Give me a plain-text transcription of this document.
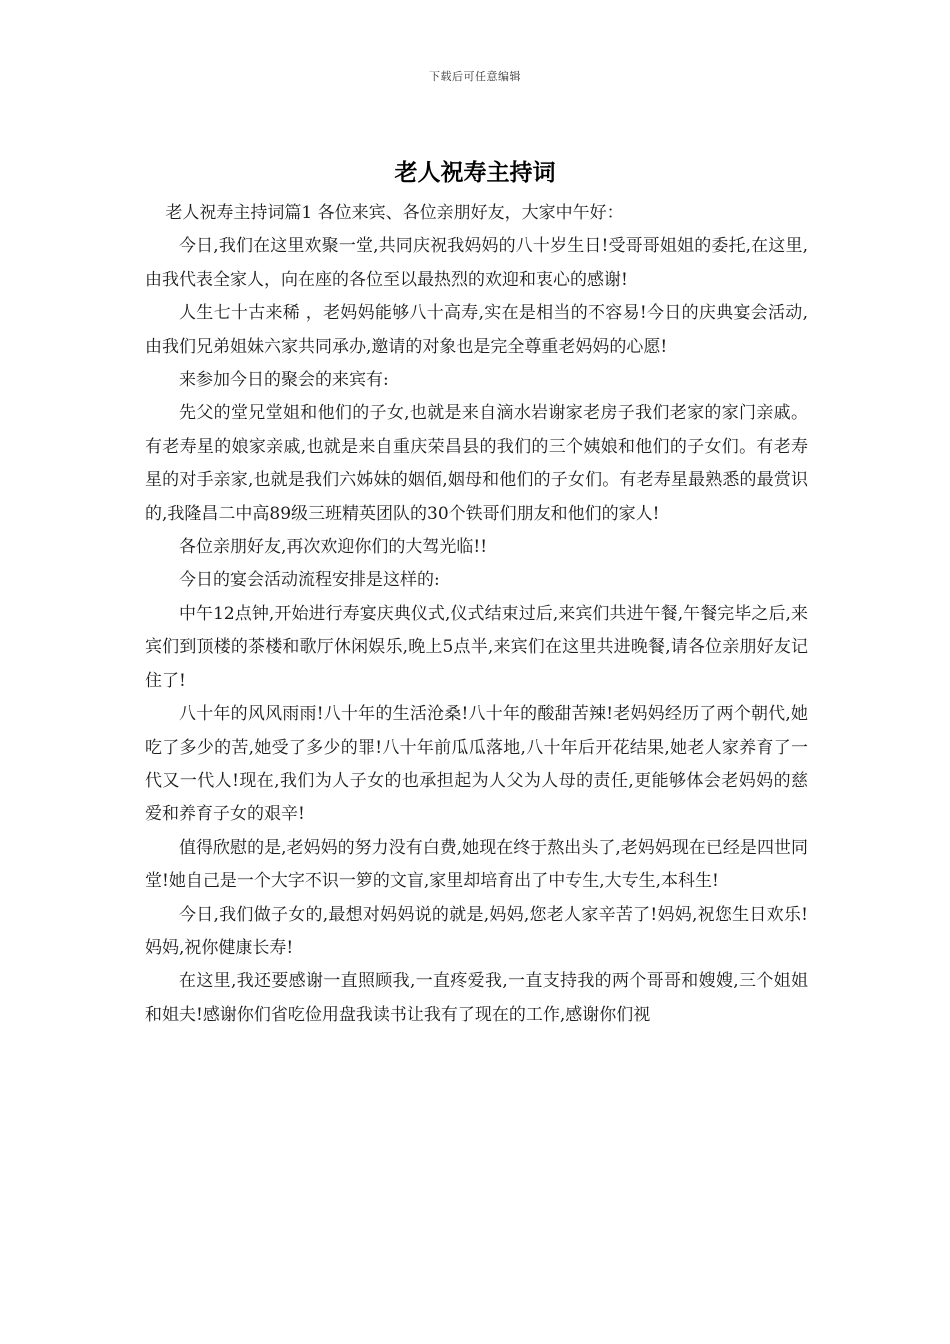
下载后可任意编辑
老人祝寿主持词

老人祝寿主持词篇1 各位来宾、各位亲朋好友，大家中午好：

今日,我们在这里欢聚一堂,共同庆祝我妈妈的八十岁生日!受哥哥姐姐的委托,在这里,由我代表全家人，向在座的各位至以最热烈的欢迎和衷心的感谢!

人生七十古来稀 ，老妈妈能够八十高寿,实在是相当的不容易!今日的庆典宴会活动,由我们兄弟姐妹六家共同承办,邀请的对象也是完全尊重老妈妈的心愿!

来参加今日的聚会的来宾有:

先父的堂兄堂姐和他们的子女,也就是来自滴水岩谢家老房子我们老家的家门亲戚。有老寿星的娘家亲戚,也就是来自重庆荣昌县的我们的三个姨娘和他们的子女们。有老寿星的对手亲家,也就是我们六姊妹的姻佰,姻母和他们的子女们。有老寿星最熟悉的最赏识的,我隆昌二中高89级三班精英团队的30个铁哥们朋友和他们的家人!

各位亲朋好友,再次欢迎你们的大驾光临!!

今日的宴会活动流程安排是这样的:

中午12点钟,开始进行寿宴庆典仪式,仪式结束过后,来宾们共进午餐,午餐完毕之后,来宾们到顶楼的茶楼和歌厅休闲娱乐,晚上5点半,来宾们在这里共进晚餐,请各位亲朋好友记住了!

八十年的风风雨雨!八十年的生活沧桑!八十年的酸甜苦辣!老妈妈经历了两个朝代,她吃了多少的苦,她受了多少的罪!八十年前瓜瓜落地,八十年后开花结果,她老人家养育了一代又一代人!现在,我们为人子女的也承担起为人父为人母的责任,更能够体会老妈妈的慈爱和养育子女的艰辛!

值得欣慰的是,老妈妈的努力没有白费,她现在终于熬出头了,老妈妈现在已经是四世同堂!她自己是一个大字不识一箩的文盲,家里却培育出了中专生,大专生,本科生!

今日,我们做子女的,最想对妈妈说的就是,妈妈,您老人家辛苦了!妈妈,祝您生日欢乐!妈妈,祝你健康长寿!

在这里,我还要感谢一直照顾我,一直疼爱我,一直支持我的两个哥哥和嫂嫂,三个姐姐和姐夫!感谢你们省吃俭用盘我读书让我有了现在的工作,感谢你们视
